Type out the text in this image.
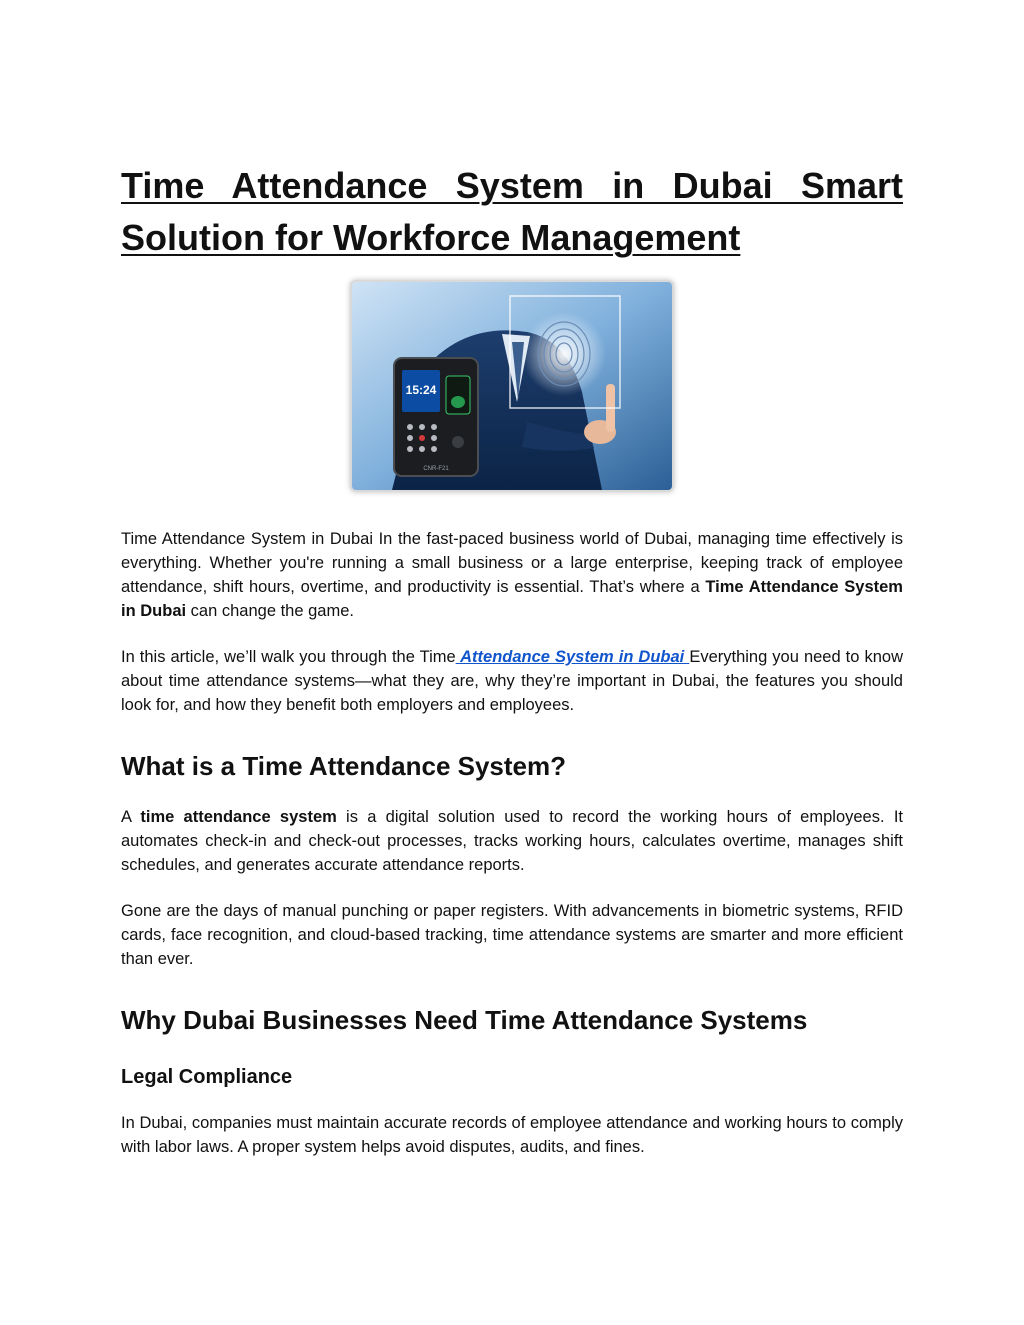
Time Attendance System in Dubai Smart Solution for Workforce Management
15:24
CNR-F21

Time Attendance System in Dubai In the fast-paced business world of Dubai, managing time effectively is everything. Whether you're running a small business or a large enterprise, keeping track of employee attendance, shift hours, overtime, and productivity is essential. That’s where a Time Attendance System in Dubai can change the game.

In this article, we’ll walk you through the Time Attendance System in Dubai Everything you need to know about time attendance systems—what they are, why they’re important in Dubai, the features you should look for, and how they benefit both employers and employees.

What is a Time Attendance System?

A time attendance system is a digital solution used to record the working hours of employees. It automates check-in and check-out processes, tracks working hours, calculates overtime, manages shift schedules, and generates accurate attendance reports.

Gone are the days of manual punching or paper registers. With advancements in biometric systems, RFID cards, face recognition, and cloud-based tracking, time attendance systems are smarter and more efficient than ever.

Why Dubai Businesses Need Time Attendance Systems
Legal Compliance

In Dubai, companies must maintain accurate records of employee attendance and working hours to comply with labor laws. A proper system helps avoid disputes, audits, and fines.
